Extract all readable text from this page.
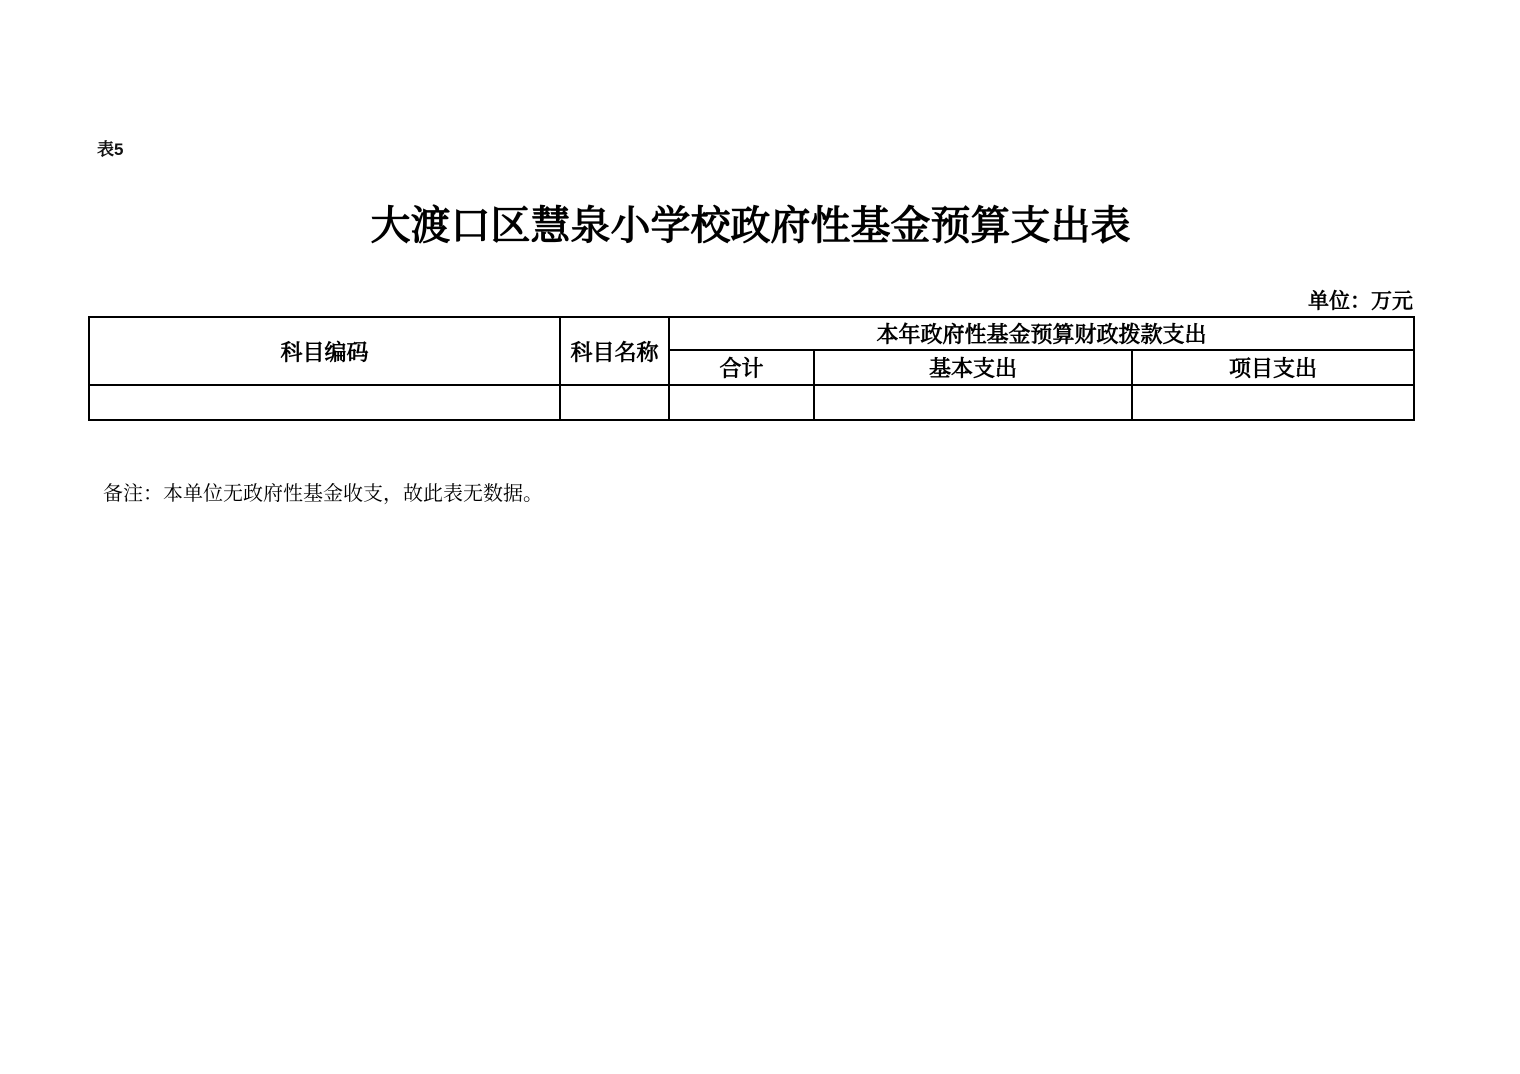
表5
大渡口区慧泉小学校政府性基金预算支出表
单位：万元
科目编码	科目名称	本年政府性基金预算财政拨款支出		
		合计	基本支出	项目支出

备注：本单位无政府性基金收支，故此表无数据。
